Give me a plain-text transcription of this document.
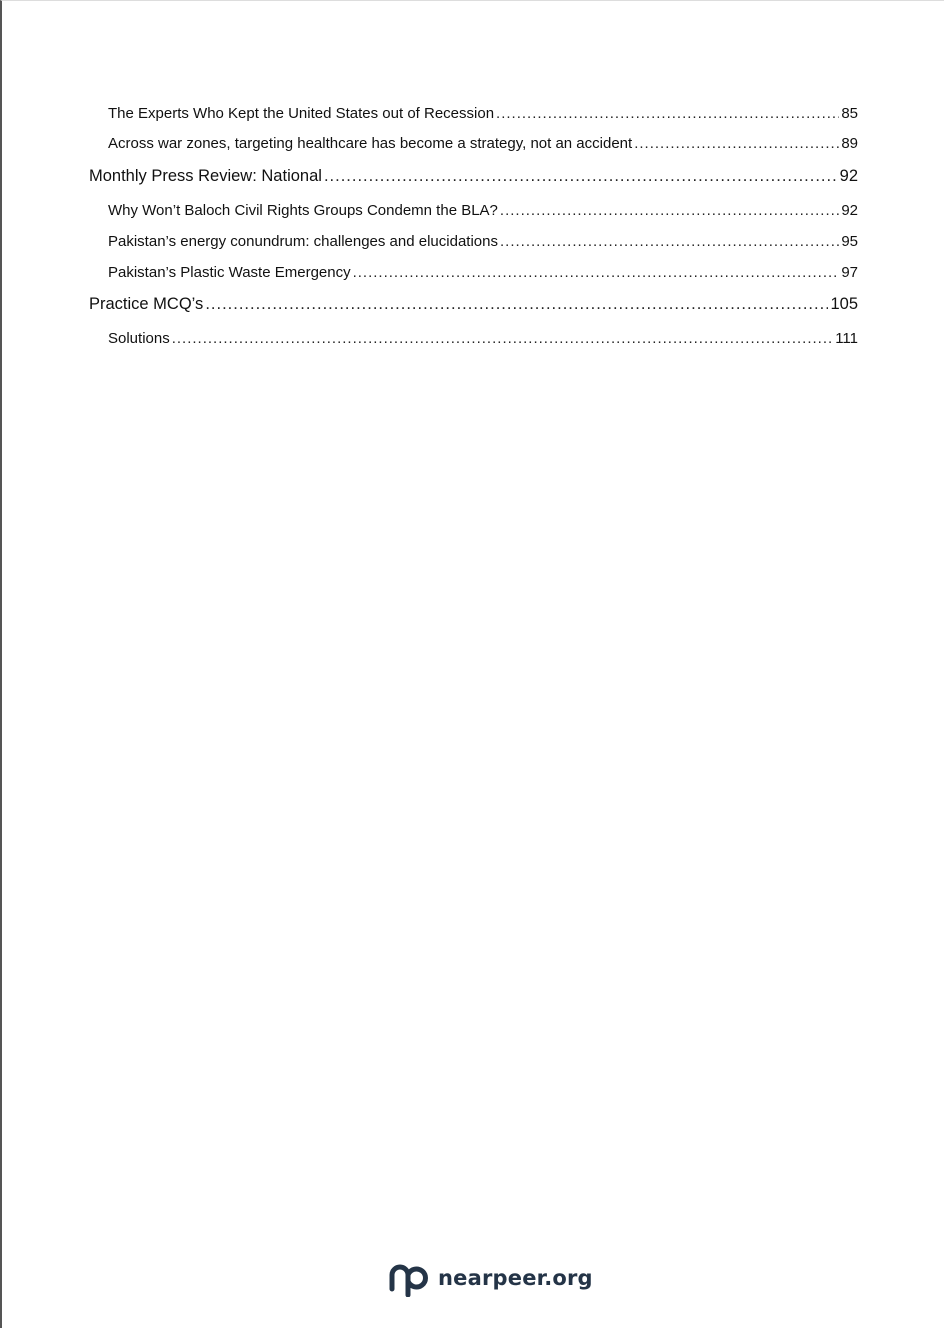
The Experts Who Kept the United States out of Recession .....	85
Across war zones, targeting healthcare has become a strategy, not an accident .....	89
Monthly Press Review: National .....	92
Why Won’t Baloch Civil Rights Groups Condemn the BLA? .....	92
Pakistan’s energy conundrum: challenges and elucidations .....	95
Pakistan’s Plastic Waste Emergency .....	97
Practice MCQ’s .....	105
Solutions .....	111
nearpeer.org
